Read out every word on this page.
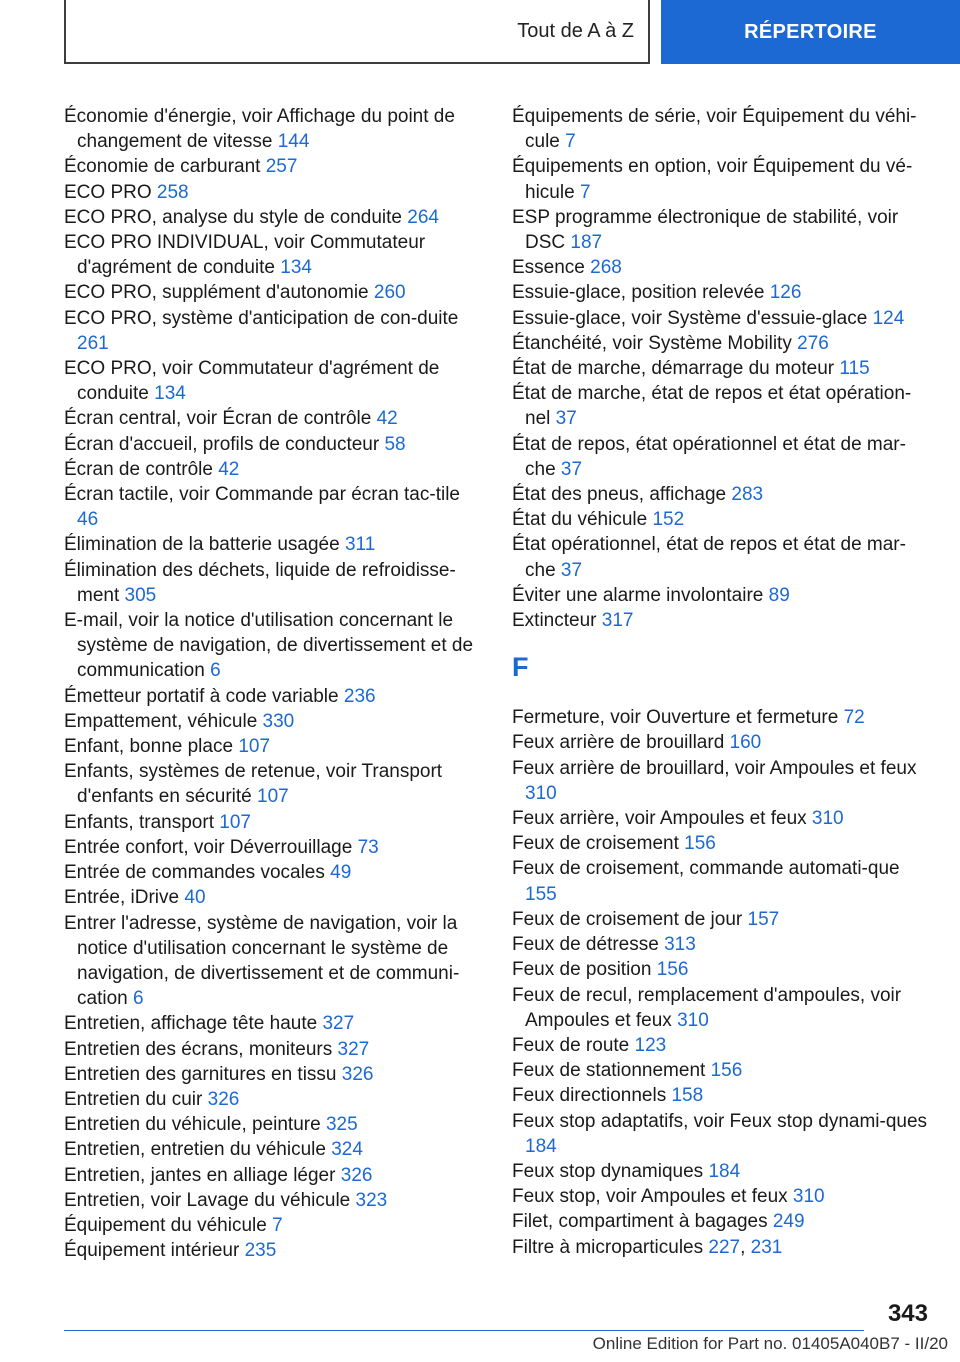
Tout de A à Z	RÉPERTOIRE

Économie d'énergie, voir Affichage du point de changement de vitesse 144

Économie de carburant 257

ECO PRO 258

ECO PRO, analyse du style de conduite 264

ECO PRO INDIVIDUAL, voir Commutateur d'agrément de conduite 134

ECO PRO, supplément d'autonomie 260

ECO PRO, système d'anticipation de con-duite 261

ECO PRO, voir Commutateur d'agrément de conduite 134

Écran central, voir Écran de contrôle 42

Écran d'accueil, profils de conducteur 58

Écran de contrôle 42

Écran tactile, voir Commande par écran tac-tile 46

Élimination de la batterie usagée 311

Élimination des déchets, liquide de refroidisse-ment 305

E-mail, voir la notice d'utilisation concernant le système de navigation, de divertissement et de communication 6

Émetteur portatif à code variable 236

Empattement, véhicule 330

Enfant, bonne place 107

Enfants, systèmes de retenue, voir Transport d'enfants en sécurité 107

Enfants, transport 107

Entrée confort, voir Déverrouillage 73

Entrée de commandes vocales 49

Entrée, iDrive 40

Entrer l'adresse, système de navigation, voir la notice d'utilisation concernant le système de navigation, de divertissement et de communi-cation 6

Entretien, affichage tête haute 327

Entretien des écrans, moniteurs 327

Entretien des garnitures en tissu 326

Entretien du cuir 326

Entretien du véhicule, peinture 325

Entretien, entretien du véhicule 324

Entretien, jantes en alliage léger 326

Entretien, voir Lavage du véhicule 323

Équipement du véhicule 7

Équipement intérieur 235

Équipements de série, voir Équipement du véhi-cule 7

Équipements en option, voir Équipement du vé-hicule 7

ESP programme électronique de stabilité, voir DSC 187

Essence 268

Essuie-glace, position relevée 126

Essuie-glace, voir Système d'essuie-glace 124

Étanchéité, voir Système Mobility 276

État de marche, démarrage du moteur 115

État de marche, état de repos et état opération-nel 37

État de repos, état opérationnel et état de mar-che 37

État des pneus, affichage 283

État du véhicule 152

État opérationnel, état de repos et état de mar-che 37

Éviter une alarme involontaire 89

Extincteur 317

F

Fermeture, voir Ouverture et fermeture 72

Feux arrière de brouillard 160

Feux arrière de brouillard, voir Ampoules et feux 310

Feux arrière, voir Ampoules et feux 310

Feux de croisement 156

Feux de croisement, commande automati-que 155

Feux de croisement de jour 157

Feux de détresse 313

Feux de position 156

Feux de recul, remplacement d'ampoules, voir Ampoules et feux 310

Feux de route 123

Feux de stationnement 156

Feux directionnels 158

Feux stop adaptatifs, voir Feux stop dynami-ques 184

Feux stop dynamiques 184

Feux stop, voir Ampoules et feux 310

Filet, compartiment à bagages 249

Filtre à microparticules 227, 231

343
Online Edition for Part no. 01405A040B7 - II/20
